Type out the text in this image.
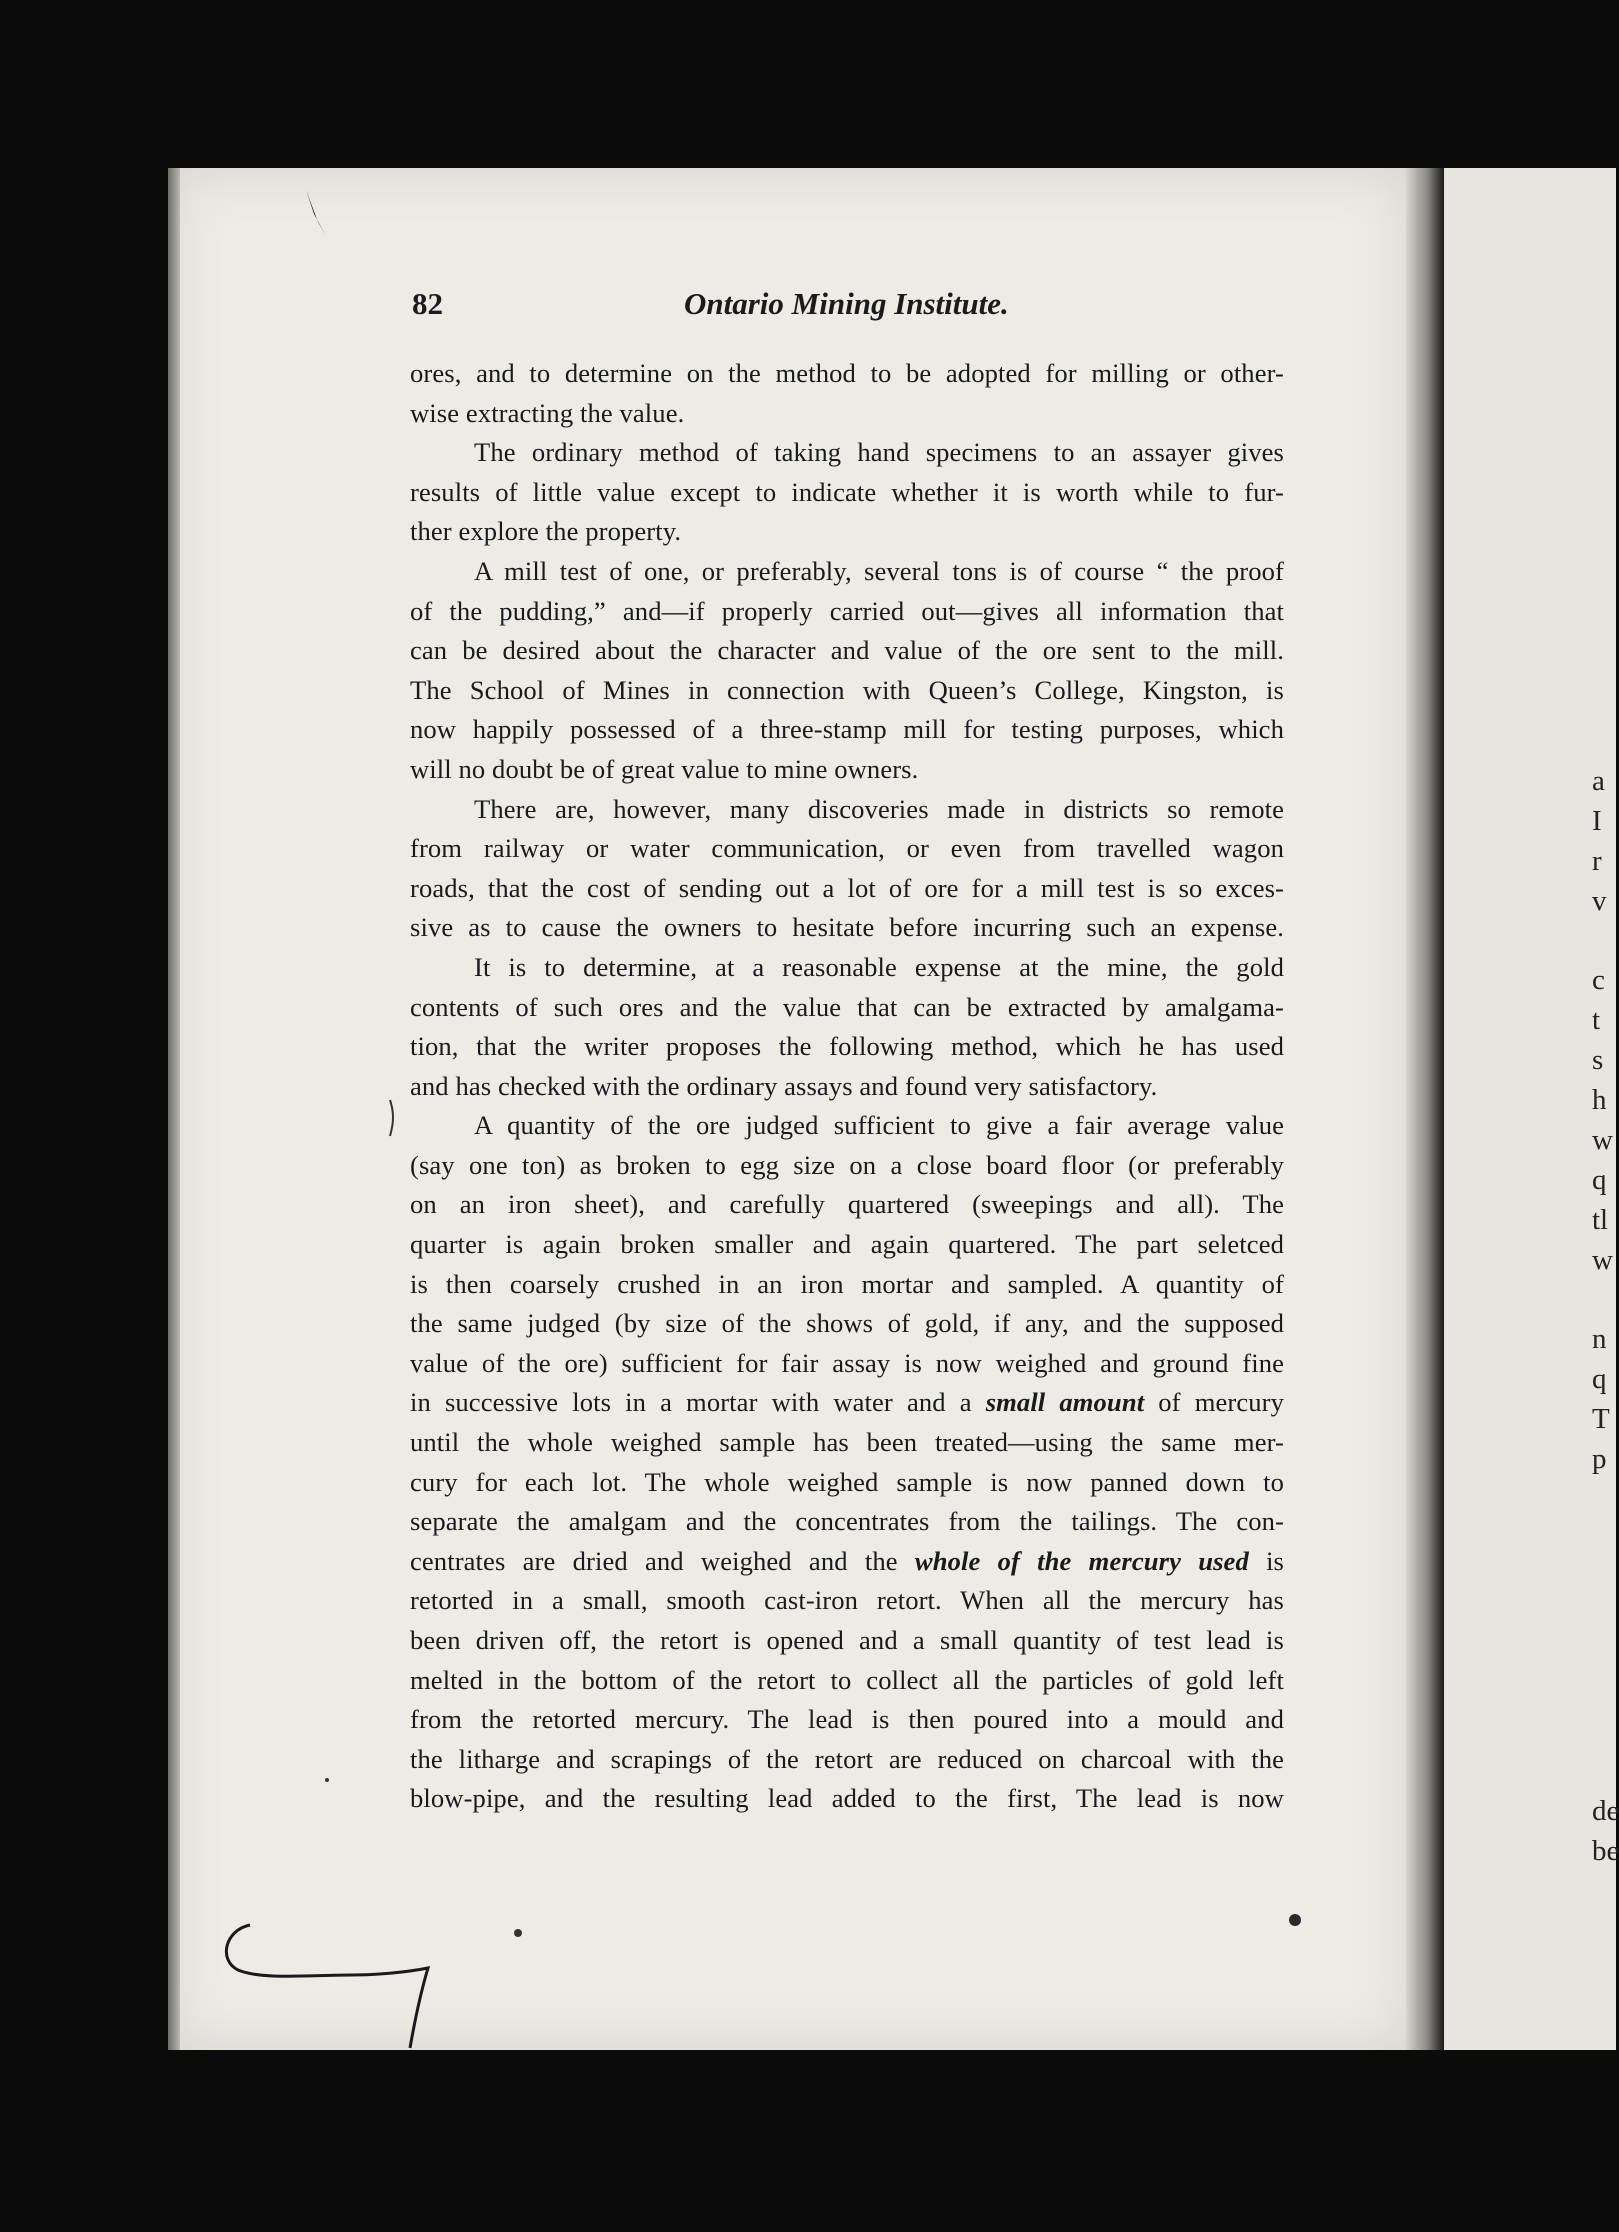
a
I
r
v
c
t
s
h
w
q
tl
w
n
q
T
p
de
be
82	Ontario Mining Institute.
ores, and to determine on the method to be adopted for milling or other-
wise extracting the value.
The ordinary method of taking hand specimens to an assayer gives
results of little value except to indicate whether it is worth while to fur-
ther explore the property.
A mill test of one, or preferably, several tons is of course “ the proof
of the pudding,” and—if properly carried out—gives all information that
can be desired about the character and value of the ore sent to the mill.
The School of Mines in connection with Queen’s College, Kingston, is
now happily possessed of a three-stamp mill for testing purposes, which
will no doubt be of great value to mine owners.
There are, however, many discoveries made in districts so remote
from railway or water communication, or even from travelled wagon
roads, that the cost of sending out a lot of ore for a mill test is so exces-
sive as to cause the owners to hesitate before incurring such an expense.
It is to determine, at a reasonable expense at the mine, the gold
contents of such ores and the value that can be extracted by amalgama-
tion, that the writer proposes the following method, which he has used
and has checked with the ordinary assays and found very satisfactory.
A quantity of the ore judged sufficient to give a fair average value
(say one ton) as broken to egg size on a close board floor (or preferably
on an iron sheet), and carefully quartered (sweepings and all). The
quarter is again broken smaller and again quartered. The part seletced
is then coarsely crushed in an iron mortar and sampled. A quantity of
the same judged (by size of the shows of gold, if any, and the supposed
value of the ore) sufficient for fair assay is now weighed and ground fine
in successive lots in a mortar with water and a small amount of mercury
until the whole weighed sample has been treated—using the same mer-
cury for each lot. The whole weighed sample is now panned down to
separate the amalgam and the concentrates from the tailings. The con-
centrates are dried and weighed and the whole of the mercury used is
retorted in a small, smooth cast-iron retort. When all the mercury has
been driven off, the retort is opened and a small quantity of test lead is
melted in the bottom of the retort to collect all the particles of gold left
from the retorted mercury. The lead is then poured into a mould and
the litharge and scrapings of the retort are reduced on charcoal with the
blow-pipe, and the resulting lead added to the first, The lead is now
